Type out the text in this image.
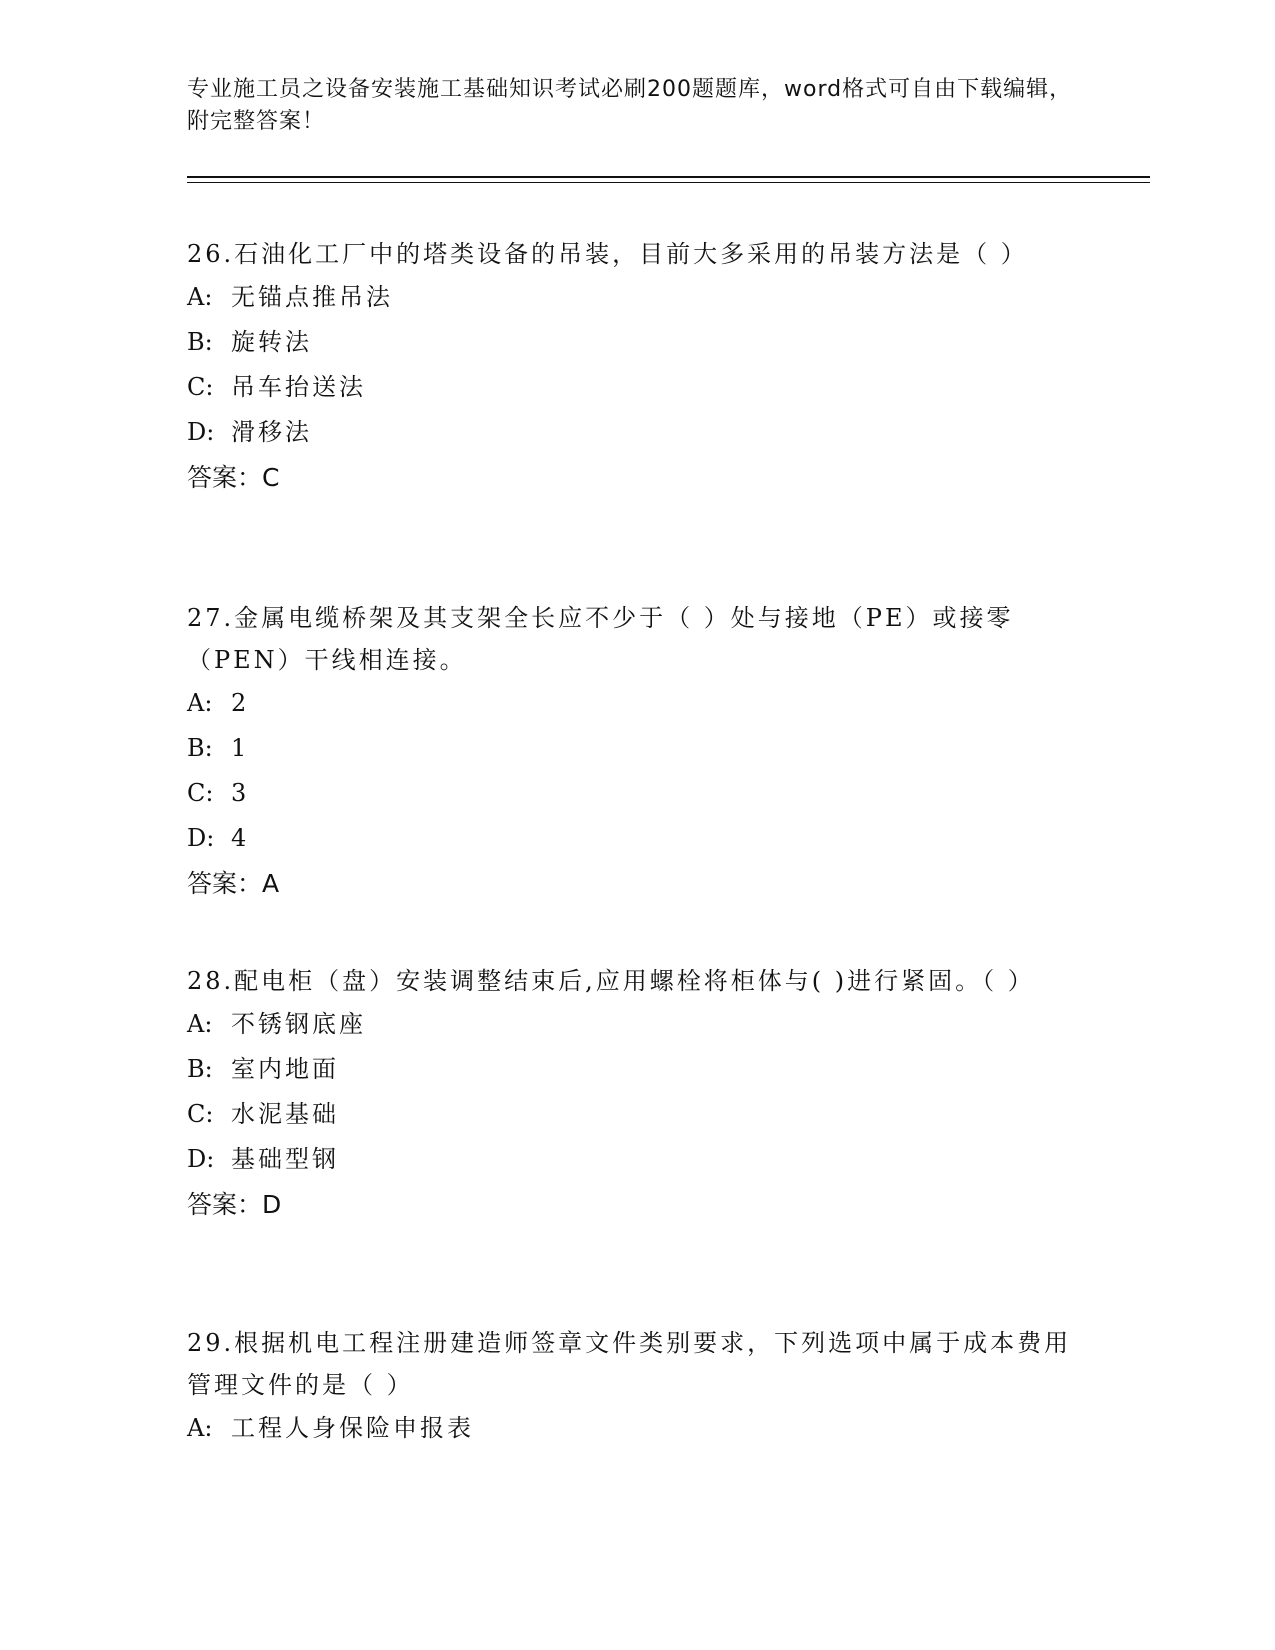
专业施工员之设备安装施工基础知识考试必刷200题题库，word格式可自由下载编辑，附完整答案！

26.石油化工厂中的塔类设备的吊装，目前大多采用的吊装方法是（ ）

A: 无锚点推吊法

B: 旋转法

C: 吊车抬送法

D: 滑移法

答案：C

27.金属电缆桥架及其支架全长应不少于（ ）处与接地（PE）或接零（PEN）干线相连接。

A: 2

B: 1

C: 3

D: 4

答案：A

28.配电柜（盘）安装调整结束后,应用螺栓将柜体与( )进行紧固。（ ）

A: 不锈钢底座

B: 室内地面

C: 水泥基础

D: 基础型钢

答案：D

29.根据机电工程注册建造师签章文件类别要求，下列选项中属于成本费用管理文件的是（ ）

A: 工程人身保险申报表
